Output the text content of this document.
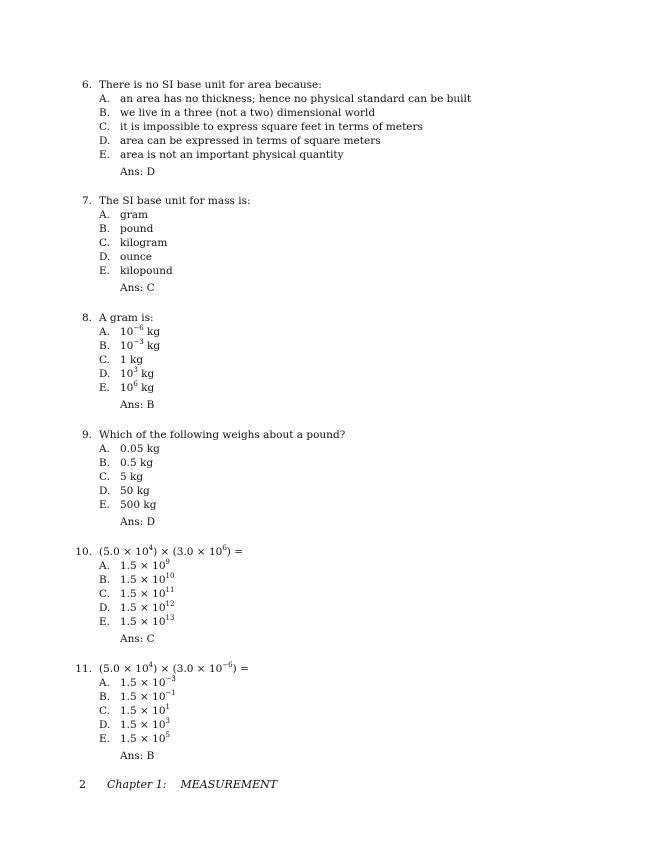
6. There is no SI base unit for area because:
A. an area has no thickness; hence no physical standard can be built
B. we live in a three (not a two) dimensional world
C. it is impossible to express square feet in terms of meters
D. area can be expressed in terms of square meters
E. area is not an important physical quantity
Ans: D
7. The SI base unit for mass is:
A. gram
B. pound
C. kilogram
D. ounce
E. kilopound
Ans: C
8. A gram is:
A. $10^{-6}$ kg
B. $10^{-3}$ kg
C. 1 kg
D. $10^3$ kg
E. $10^6$ kg
Ans: B
9. Which of the following weighs about a pound?
A. 0.05 kg
B. 0.5 kg
C. 5 kg
D. 50 kg
E. 500 kg
Ans: D
10. $(5.0 \times 10^4) \times (3.0 \times 10^6)$ =
A. $1.5 \times 10^9$
B. $1.5 \times 10^{10}$
C. $1.5 \times 10^{11}$
D. $1.5 \times 10^{12}$
E. $1.5 \times 10^{13}$
Ans: C
11. $(5.0 \times 10^4) \times (3.0 \times 10^{-6})$ =
A. $1.5 \times 10^{-3}$
B. $1.5 \times 10^{-1}$
C. $1.5 \times 10^1$
D. $1.5 \times 10^3$
E. $1.5 \times 10^5$
Ans: B
2 Chapter 1: MEASUREMENT
